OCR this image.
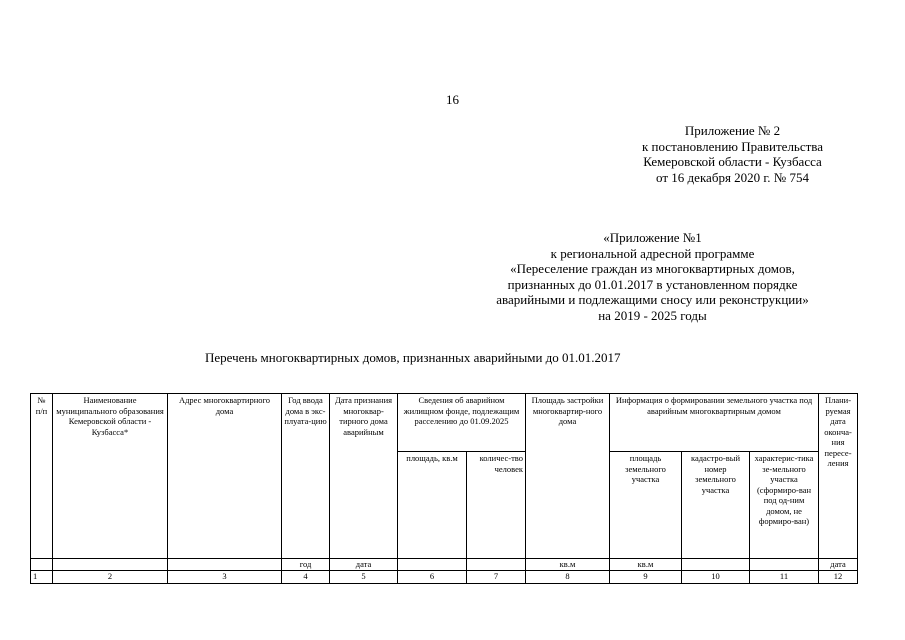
16
Приложение № 2
к постановлению Правительства
Кемеровской области - Кузбасса
от 16 декабря 2020 г. № 754
«Приложение №1
к региональной адресной программе
«Переселение граждан из многоквартирных домов,
признанных до 01.01.2017 в установленном порядке
аварийными и подлежащими сносу или реконструкции»
на 2019 - 2025 годы
Перечень многоквартирных домов, признанных аварийными до 01.01.2017
№ п/п	Наименование муниципального образования Кемеровской области - Кузбасса*	Адрес многоквартирного дома	Год ввода дома в экс-плуата-цию	Дата признания многоквар-тирного дома аварийным	Сведения об аварийном жилищном фонде, подлежащим расселению до 01.09.2025		Площадь застройки многоквартир-ного дома	Информация о формировании земельного участка под аварийным многоквартирным домом			Плани-руемая дата оконча-ния пересе-ления
					площадь, кв.м	количес-тво человек		площадь земельного участка	кадастро-вый номер земельного участка	характерис-тика зе-мельного участка (сформиро-ван под од-ним домом, не формиро-ван)	
			год	дата			кв.м	кв.м			дата
1	2	3	4	5	6	7	8	9	10	11	12
